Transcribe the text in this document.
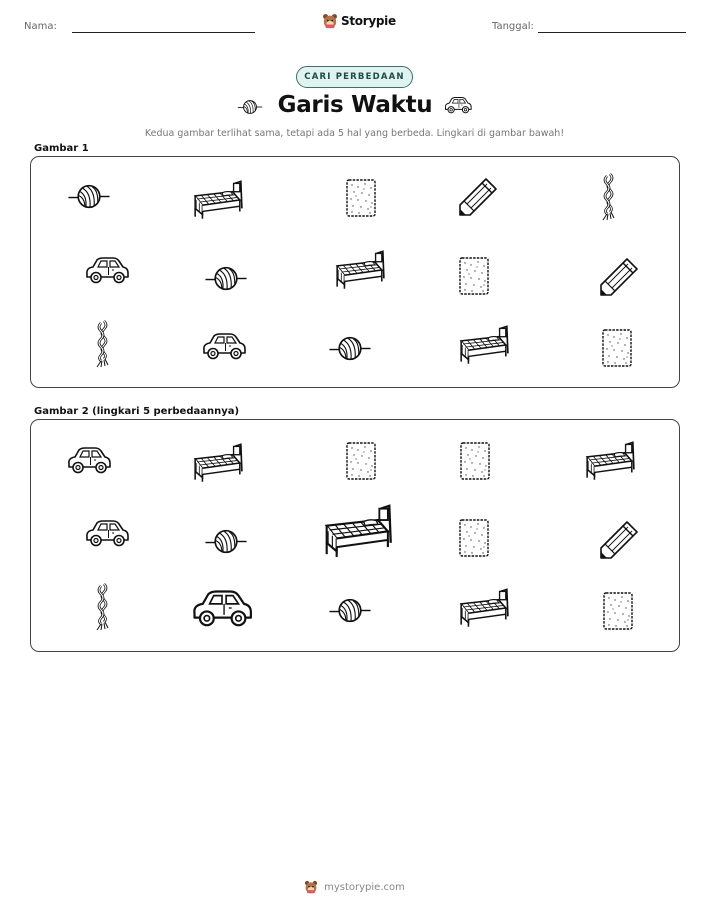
Nama:	Storypie	Tanggal:
CARI PERBEDAAN
Garis Waktu
Kedua gambar terlihat sama, tetapi ada 5 hal yang berbeda. Lingkari di gambar bawah!
Gambar 1
Gambar 2 (lingkari 5 perbedaannya)
mystorypie.com
